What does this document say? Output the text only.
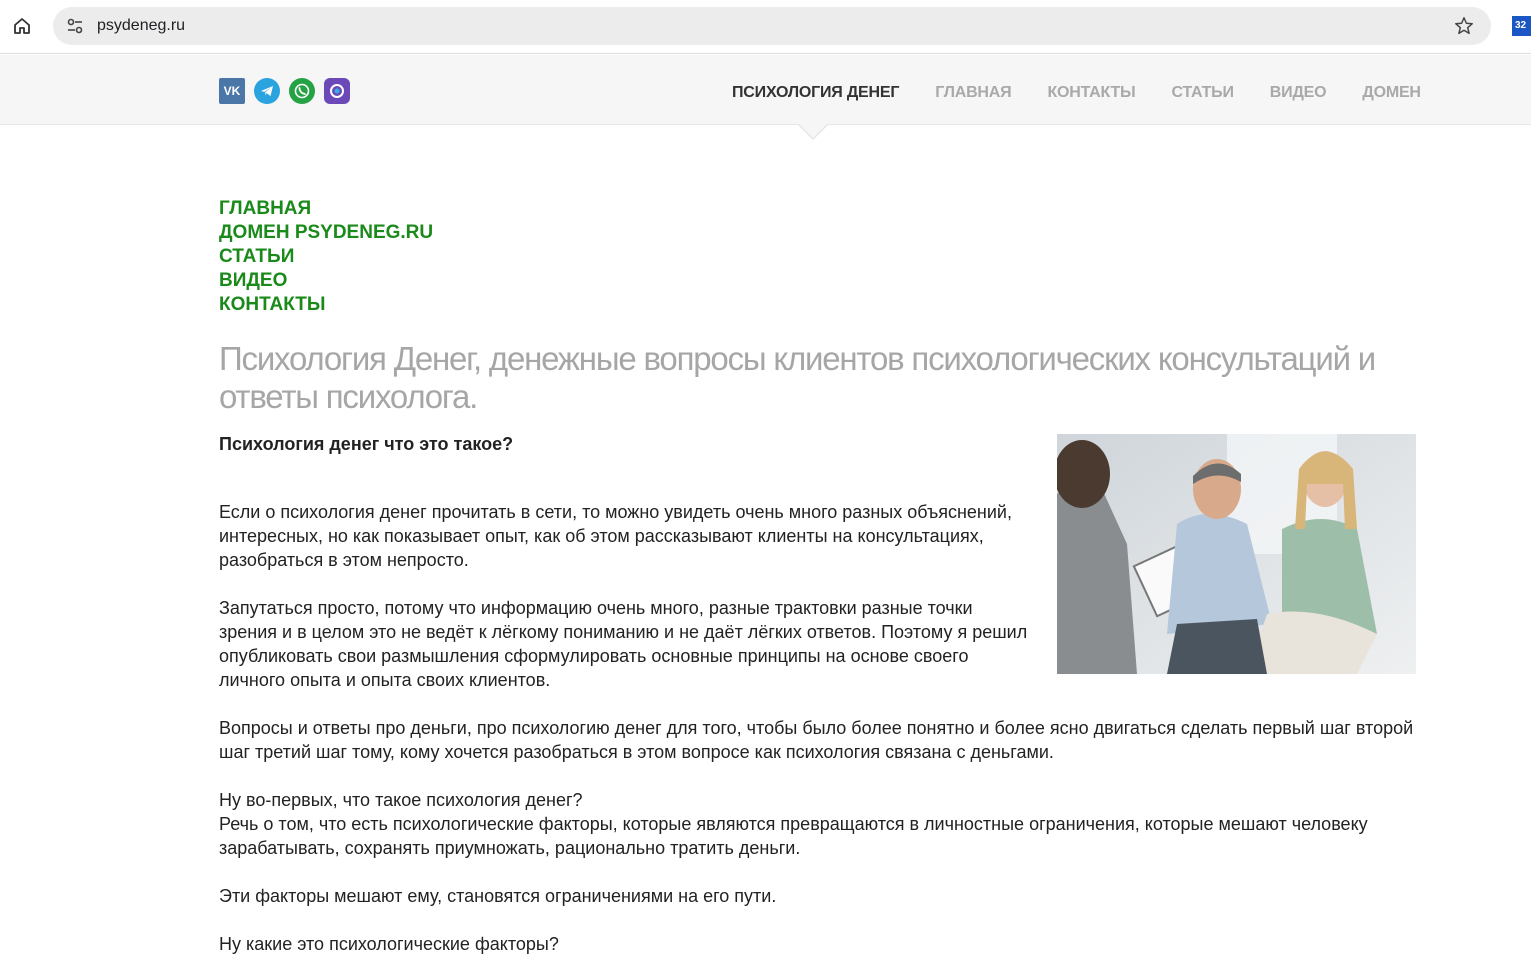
psydeneg.ru	32
VK	ПСИХОЛОГИЯ ДЕНЕГ ГЛАВНАЯ КОНТАКТЫ СТАТЬИ ВИДЕО ДОМЕН
ГЛАВНАЯ
ДОМЕН PSYDENEG.RU
СТАТЬИ
ВИДЕО
КОНТАКТЫ
Психология Денег, денежные вопросы клиентов психологических консультаций и ответы психолога.
Психология денег что это такое?

Если о психология денег прочитать в сети, то можно увидеть очень много разных объяснений, интересных, но как показывает опыт, как об этом рассказывают клиенты на консультациях, разобраться в этом непросто.

Запутаться просто, потому что информацию очень много, разные трактовки разные точки зрения и в целом это не ведёт к лёгкому пониманию и не даёт лёгких ответов. Поэтому я решил опубликовать свои размышления сформулировать основные принципы на основе своего личного опыта и опыта своих клиентов.

Вопросы и ответы про деньги, про психологию денег для того, чтобы было более понятно и более ясно двигаться сделать первый шаг второй шаг третий шаг тому, кому хочется разобраться в этом вопросе как психология связана с деньгами.

Ну во-первых, что такое психология денег?

Речь о том, что есть психологические факторы, которые являются превращаются в личностные ограничения, которые мешают человеку зарабатывать, сохранять приумножать, рационально тратить деньги.

Эти факторы мешают ему, становятся ограничениями на его пути.

Ну какие это психологические факторы?
